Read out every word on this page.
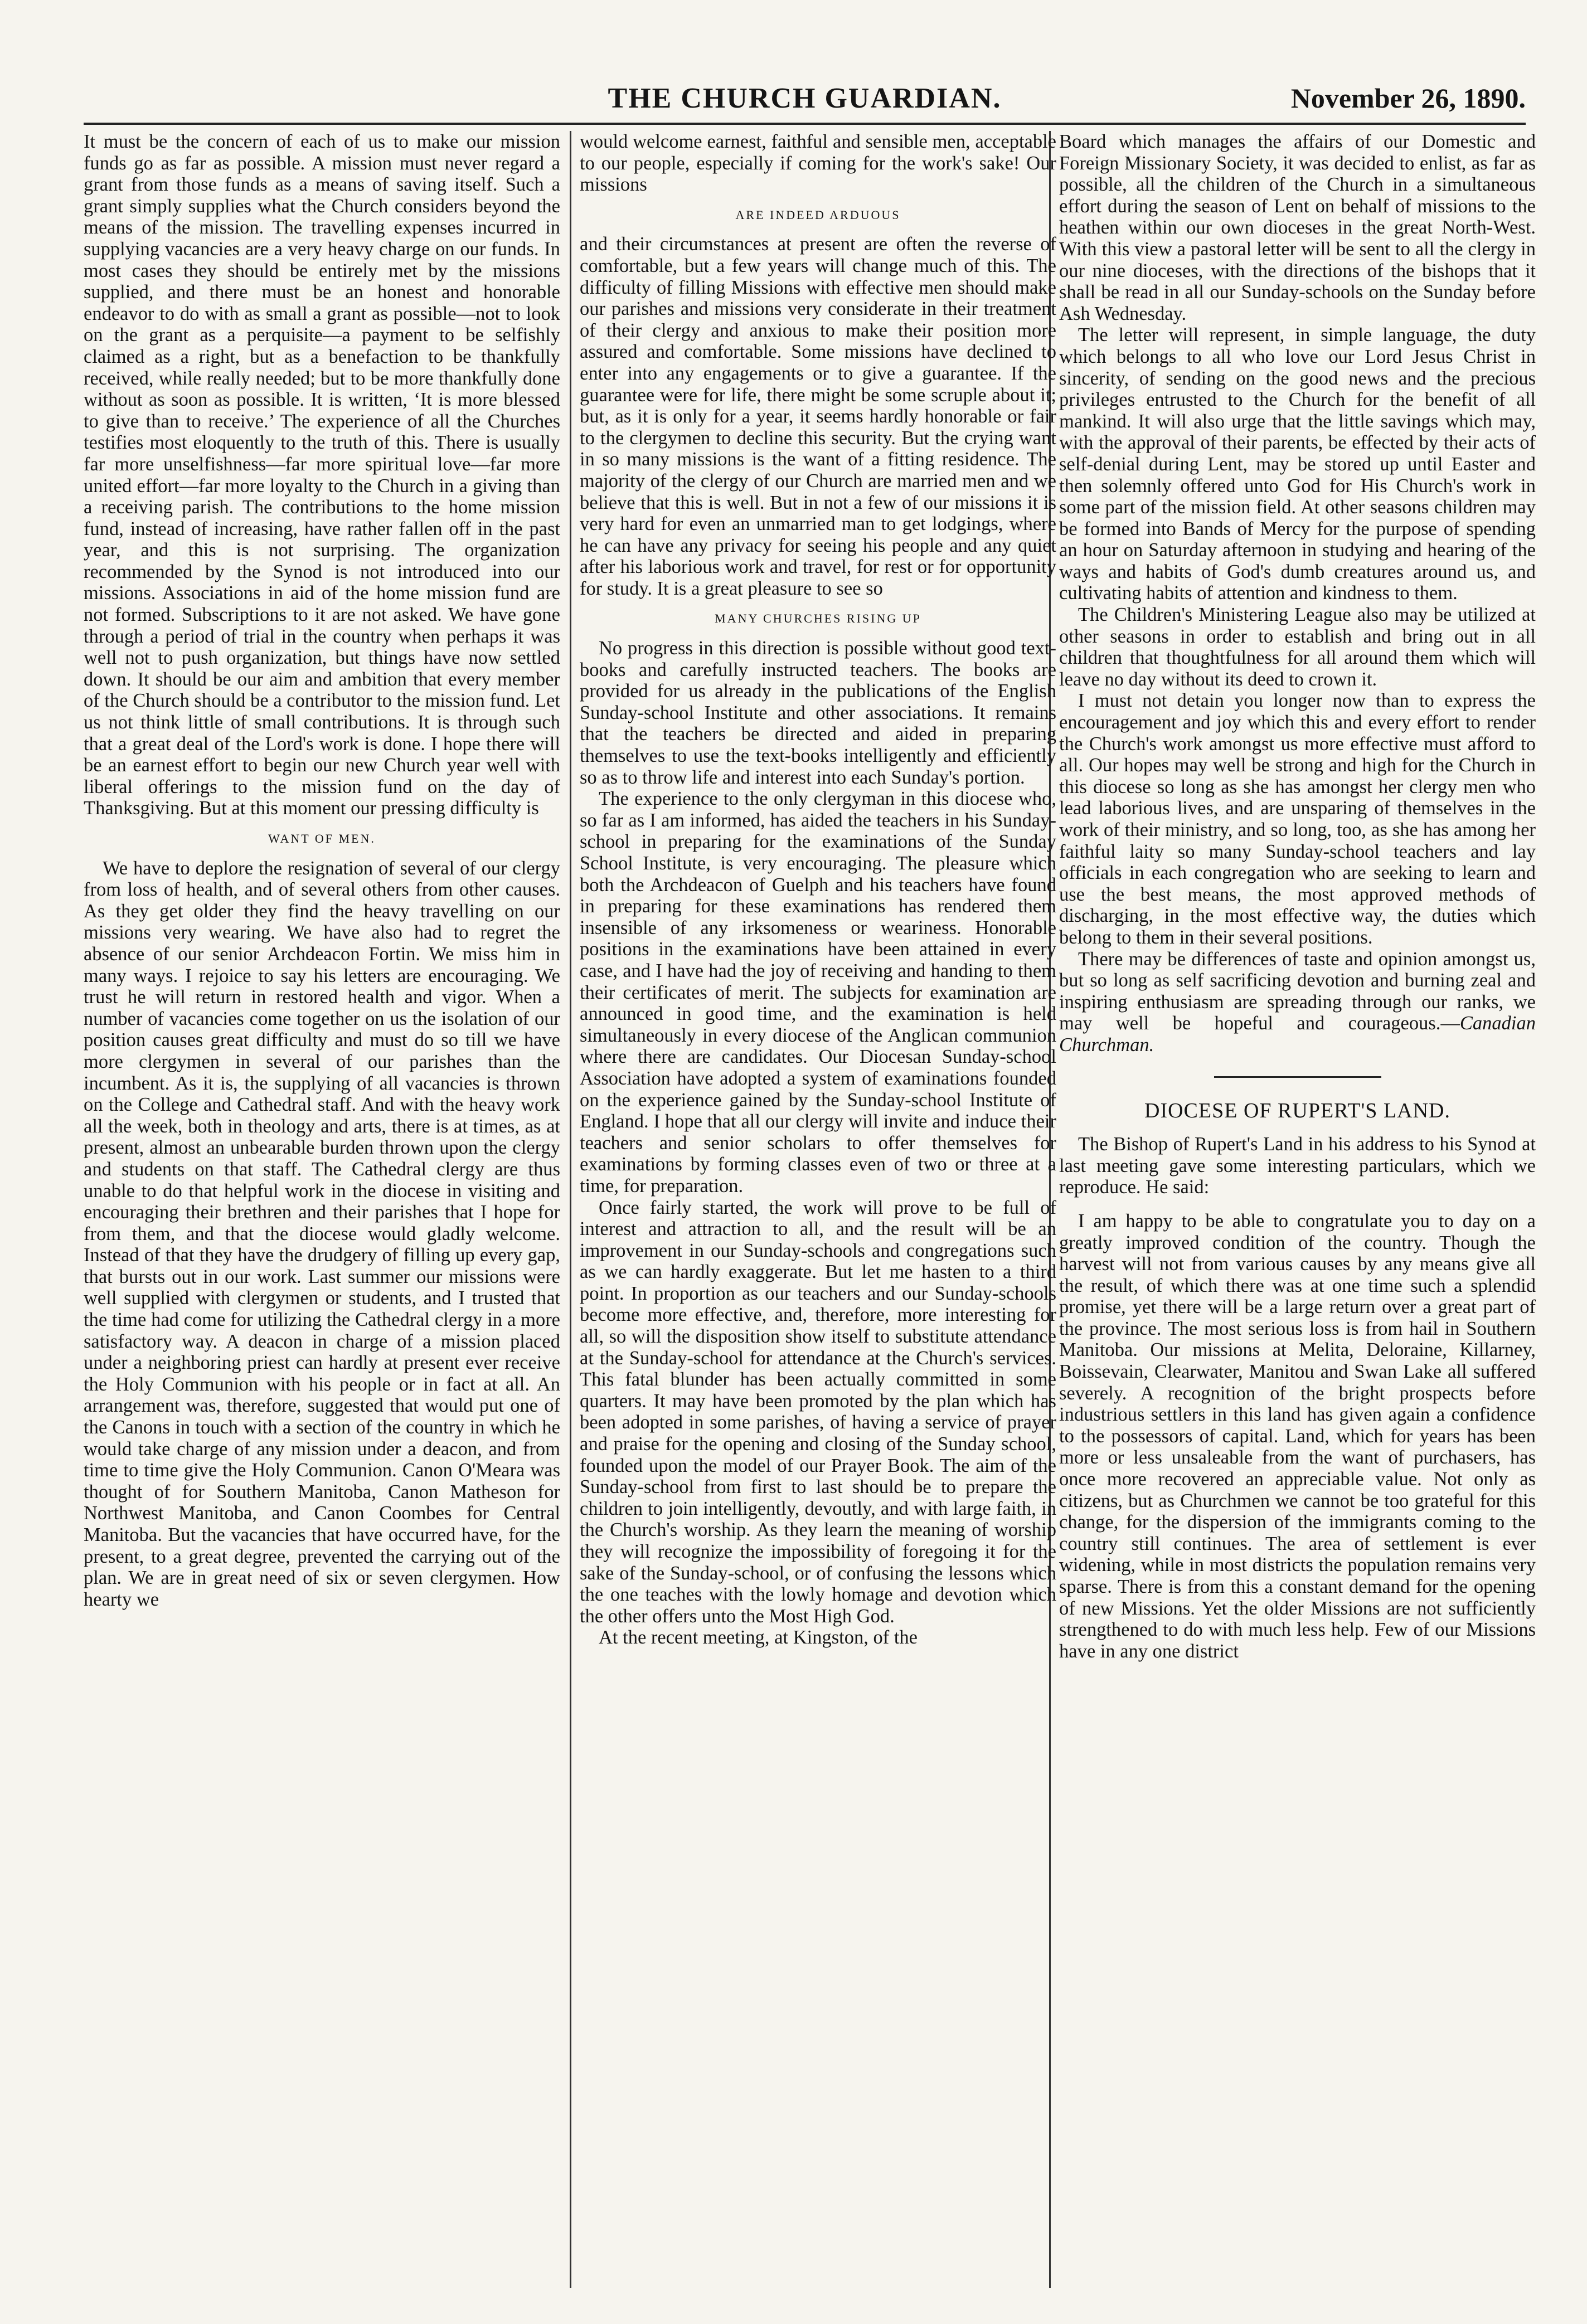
THE CHURCH GUARDIAN.	November 26, 1890.

It must be the concern of each of us to make our mission funds go as far as possible. A mission must never regard a grant from those funds as a means of saving itself. Such a grant simply supplies what the Church considers beyond the means of the mission. The travelling expenses incurred in supplying vacancies are a very heavy charge on our funds. In most cases they should be entirely met by the missions supplied, and there must be an honest and honorable endeavor to do with as small a grant as possible—not to look on the grant as a perquisite—a payment to be selfishly claimed as a right, but as a benefaction to be thankfully received, while really needed; but to be more thankfully done without as soon as possible. It is written, ‘It is more blessed to give than to receive.’ The experience of all the Churches testifies most eloquently to the truth of this. There is usually far more unselfishness—far more spiritual love—far more united effort—far more loyalty to the Church in a giving than a receiving parish. The contributions to the home mission fund, instead of increasing, have rather fallen off in the past year, and this is not surprising. The organization recommended by the Synod is not introduced into our missions. Associations in aid of the home mission fund are not formed. Subscriptions to it are not asked. We have gone through a period of trial in the country when perhaps it was well not to push organization, but things have now settled down. It should be our aim and ambition that every member of the Church should be a contributor to the mission fund. Let us not think little of small contributions. It is through such that a great deal of the Lord's work is done. I hope there will be an earnest effort to begin our new Church year well with liberal offerings to the mission fund on the day of Thanksgiving. But at this moment our pressing difficulty is

WANT OF MEN.

We have to deplore the resignation of several of our clergy from loss of health, and of several others from other causes. As they get older they find the heavy travelling on our missions very wearing. We have also had to regret the absence of our senior Archdeacon Fortin. We miss him in many ways. I rejoice to say his letters are encouraging. We trust he will return in restored health and vigor. When a number of vacancies come together on us the isolation of our position causes great difficulty and must do so till we have more clergymen in several of our parishes than the incumbent. As it is, the supplying of all vacancies is thrown on the College and Cathedral staff. And with the heavy work all the week, both in theology and arts, there is at times, as at present, almost an unbearable burden thrown upon the clergy and students on that staff. The Cathedral clergy are thus unable to do that helpful work in the diocese in visiting and encouraging their brethren and their parishes that I hope for from them, and that the diocese would gladly welcome. Instead of that they have the drudgery of filling up every gap, that bursts out in our work. Last summer our missions were well supplied with clergymen or students, and I trusted that the time had come for utilizing the Cathedral clergy in a more satisfactory way. A deacon in charge of a mission placed under a neighboring priest can hardly at present ever receive the Holy Communion with his people or in fact at all. An arrangement was, therefore, suggested that would put one of the Canons in touch with a section of the country in which he would take charge of any mission under a deacon, and from time to time give the Holy Communion. Canon O'Meara was thought of for Southern Manitoba, Canon Matheson for Northwest Manitoba, and Canon Coombes for Central Manitoba. But the vacancies that have occurred have, for the present, to a great degree, prevented the carrying out of the plan. We are in great need of six or seven clergymen. How hearty we

would welcome earnest, faithful and sensible men, acceptable to our people, especially if coming for the work's sake! Our missions

ARE INDEED ARDUOUS

and their circumstances at present are often the reverse of comfortable, but a few years will change much of this. The difficulty of filling Missions with effective men should make our parishes and missions very considerate in their treatment of their clergy and anxious to make their position more assured and comfortable. Some missions have declined to enter into any engagements or to give a guarantee. If the guarantee were for life, there might be some scruple about it; but, as it is only for a year, it seems hardly honorable or fair to the clergymen to decline this security. But the crying want in so many missions is the want of a fitting residence. The majority of the clergy of our Church are married men and we believe that this is well. But in not a few of our missions it is very hard for even an unmarried man to get lodgings, where he can have any privacy for seeing his people and any quiet after his laborious work and travel, for rest or for opportunity for study. It is a great pleasure to see so

MANY CHURCHES RISING UP

No progress in this direction is possible without good text-books and carefully instructed teachers. The books are provided for us already in the publications of the English Sunday-school Institute and other associations. It remains that the teachers be directed and aided in preparing themselves to use the text-books intelligently and efficiently so as to throw life and interest into each Sunday's portion.

The experience to the only clergyman in this diocese who, so far as I am informed, has aided the teachers in his Sunday-school in preparing for the examinations of the Sunday School Institute, is very encouraging. The pleasure which both the Archdeacon of Guelph and his teachers have found in preparing for these examinations has rendered them insensible of any irksomeness or weariness. Honorable positions in the examinations have been attained in every case, and I have had the joy of receiving and handing to them their certificates of merit. The subjects for examination are announced in good time, and the examination is held simultaneously in every diocese of the Anglican communion where there are candidates. Our Diocesan Sunday-school Association have adopted a system of examinations founded on the experience gained by the Sunday-school Institute of England. I hope that all our clergy will invite and induce their teachers and senior scholars to offer themselves for examinations by forming classes even of two or three at a time, for preparation.

Once fairly started, the work will prove to be full of interest and attraction to all, and the result will be an improvement in our Sunday-schools and congregations such as we can hardly exaggerate. But let me hasten to a third point. In proportion as our teachers and our Sunday-schools become more effective, and, therefore, more interesting for all, so will the disposition show itself to substitute attendance at the Sunday-school for attendance at the Church's services. This fatal blunder has been actually committed in some quarters. It may have been promoted by the plan which has been adopted in some parishes, of having a service of prayer and praise for the opening and closing of the Sunday school, founded upon the model of our Prayer Book. The aim of the Sunday-school from first to last should be to prepare the children to join intelligently, devoutly, and with large faith, in the Church's worship. As they learn the meaning of worship they will recognize the impossibility of foregoing it for the sake of the Sunday-school, or of confusing the lessons which the one teaches with the lowly homage and devotion which the other offers unto the Most High God.

At the recent meeting, at Kingston, of the

Board which manages the affairs of our Domestic and Foreign Missionary Society, it was decided to enlist, as far as possible, all the children of the Church in a simultaneous effort during the season of Lent on behalf of missions to the heathen within our own dioceses in the great North-West. With this view a pastoral letter will be sent to all the clergy in our nine dioceses, with the directions of the bishops that it shall be read in all our Sunday-schools on the Sunday before Ash Wednesday.

The letter will represent, in simple language, the duty which belongs to all who love our Lord Jesus Christ in sincerity, of sending on the good news and the precious privileges entrusted to the Church for the benefit of all mankind. It will also urge that the little savings which may, with the approval of their parents, be effected by their acts of self-denial during Lent, may be stored up until Easter and then solemnly offered unto God for His Church's work in some part of the mission field. At other seasons children may be formed into Bands of Mercy for the purpose of spending an hour on Saturday afternoon in studying and hearing of the ways and habits of God's dumb creatures around us, and cultivating habits of attention and kindness to them.

The Children's Ministering League also may be utilized at other seasons in order to establish and bring out in all children that thoughtfulness for all around them which will leave no day without its deed to crown it.

I must not detain you longer now than to express the encouragement and joy which this and every effort to render the Church's work amongst us more effective must afford to all. Our hopes may well be strong and high for the Church in this diocese so long as she has amongst her clergy men who lead laborious lives, and are unsparing of themselves in the work of their ministry, and so long, too, as she has among her faithful laity so many Sunday-school teachers and lay officials in each congregation who are seeking to learn and use the best means, the most approved methods of discharging, in the most effective way, the duties which belong to them in their several positions.

There may be differences of taste and opinion amongst us, but so long as self sacrificing devotion and burning zeal and inspiring enthusiasm are spreading through our ranks, we may well be hopeful and courageous.—Canadian Churchman.

DIOCESE OF RUPERT'S LAND.

The Bishop of Rupert's Land in his address to his Synod at last meeting gave some interesting particulars, which we reproduce. He said:

I am happy to be able to congratulate you to day on a greatly improved condition of the country. Though the harvest will not from various causes by any means give all the result, of which there was at one time such a splendid promise, yet there will be a large return over a great part of the province. The most serious loss is from hail in Southern Manitoba. Our missions at Melita, Deloraine, Killarney, Boissevain, Clearwater, Manitou and Swan Lake all suffered severely. A recognition of the bright prospects before industrious settlers in this land has given again a confidence to the possessors of capital. Land, which for years has been more or less unsaleable from the want of purchasers, has once more recovered an appreciable value. Not only as citizens, but as Churchmen we cannot be too grateful for this change, for the dispersion of the immigrants coming to the country still continues. The area of settlement is ever widening, while in most districts the population remains very sparse. There is from this a constant demand for the opening of new Missions. Yet the older Missions are not sufficiently strengthened to do with much less help. Few of our Missions have in any one district
